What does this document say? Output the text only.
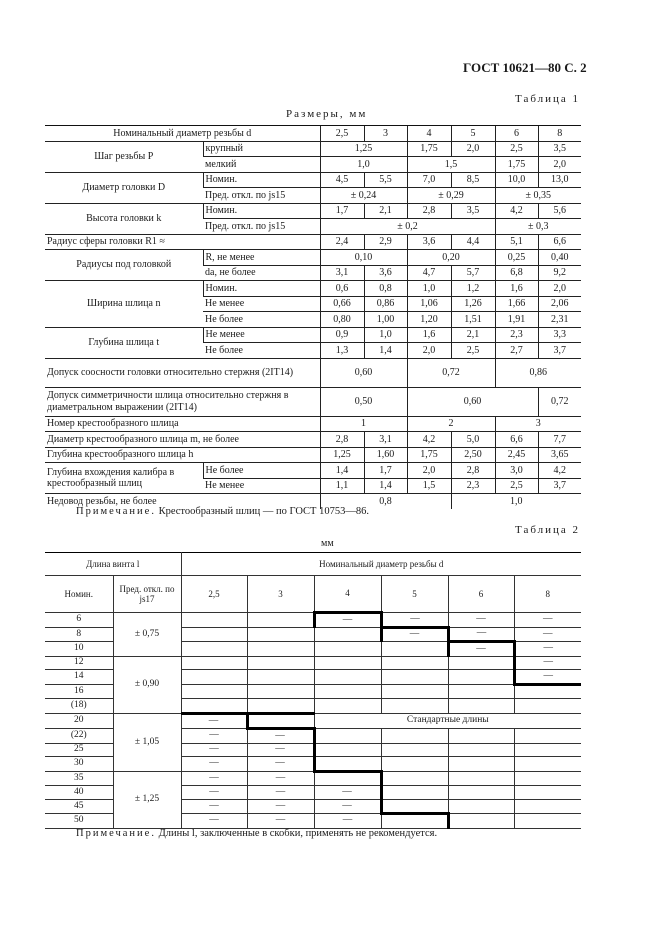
ГОСТ 10621—80 С. 2
Таблица 1
Размеры, мм
Номинальный диаметр резьбы d		2,5	3	4	5	6	8
Шаг резьбы P	крупный	1,25		1,75	2,0	2,5	3,5
	мелкий	1,0		1,5		1,75	2,0
Диаметр головки D	Номин.	4,5	5,5	7,0	8,5	10,0	13,0
	Пред. откл. по js15	± 0,24		± 0,29		± 0,35	
Высота головки k	Номин.	1,7	2,1	2,8	3,5	4,2	5,6
	Пред. откл. по js15	± 0,2				± 0,3	
Радиус сферы головки R1 ≈		2,4	2,9	3,6	4,4	5,1	6,6
Радиусы под головкой	R, не менее	0,10		0,20		0,25	0,40
	da, не более	3,1	3,6	4,7	5,7	6,8	9,2
Ширина шлица n	Номин.	0,6	0,8	1,0	1,2	1,6	2,0
	Не менее	0,66	0,86	1,06	1,26	1,66	2,06
	Не более	0,80	1,00	1,20	1,51	1,91	2,31
Глубина шлица t	Не менее	0,9	1,0	1,6	2,1	2,3	3,3
	Не более	1,3	1,4	2,0	2,5	2,7	3,7
Допуск соосности головки относительно стержня (2IT14)		0,60		0,72		0,86	
Допуск симметричности шлица относительно стержня в диаметральном выражении (2IT14)		0,50		0,60			0,72
Номер крестообразного шлица		1		2		3	
Диаметр крестообразного шлица m, не более		2,8	3,1	4,2	5,0	6,6	7,7
Глубина крестообразного шлица h		1,25	1,60	1,75	2,50	2,45	3,65
Глубина вхождения калибра в крестообразный шлиц	Не более	1,4	1,7	2,0	2,8	3,0	4,2
	Не менее	1,1	1,4	1,5	2,3	2,5	3,7
Недовод резьбы, не более		0,8			1,0		
Примечание. Крестообразный шлиц — по ГОСТ 10753—86.
Таблица 2
мм
Длина винта l		Номинальный диаметр резьбы d					
Номин.	Пред. откл. по js17	2,5	3	4	5	6	8
6	± 0,75			—	—	—	—
8					—	—	—
10						—	—
12	± 0,90						—
14							—
16							
(18)							
20	± 1,05	—		Стандартные длины			
(22)		—	—				
25		—	—				
30		—	—				
35	± 1,25	—	—				
40		—	—	—			
45		—	—	—			
50		—	—	—			
Примечание. Длины l, заключенные в скобки, применять не рекомендуется.
